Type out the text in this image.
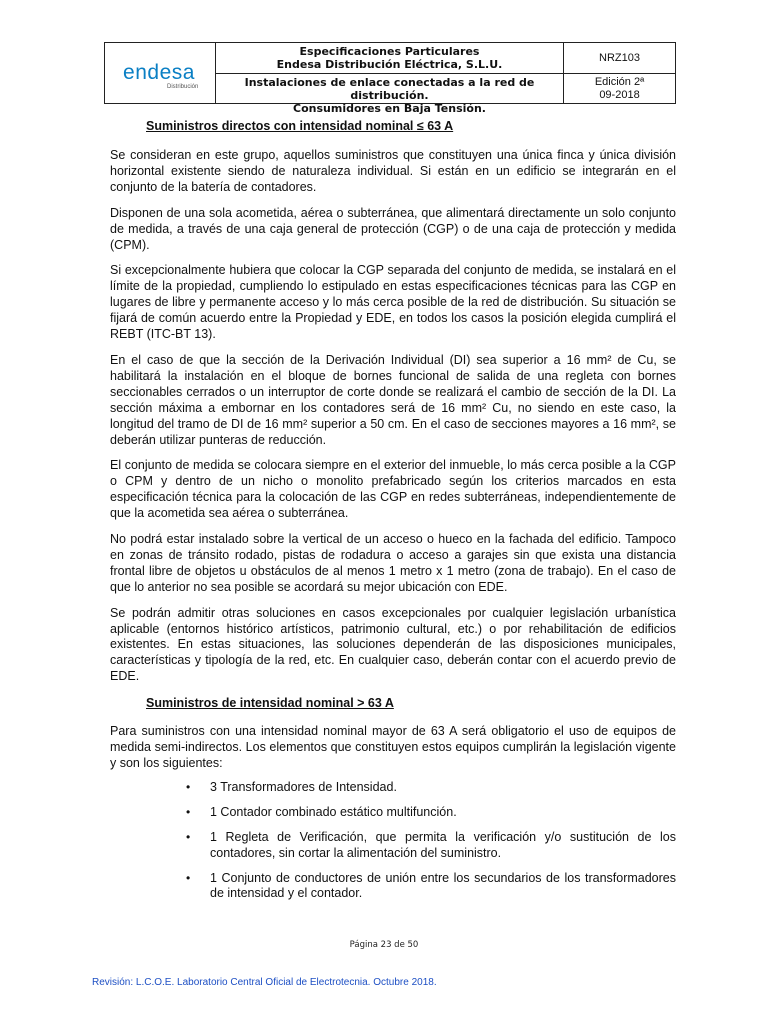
endesa
Distribución
Especificaciones Particulares
Endesa Distribución Eléctrica, S.L.U.
Instalaciones de enlace conectadas a la red de distribución.
Consumidores en Baja Tensión.
NRZ103
Edición 2ª
09-2018
Suministros directos con intensidad nominal ≤ 63 A

Se consideran en este grupo, aquellos suministros que constituyen una única finca y única división horizontal existente siendo de naturaleza individual. Si están en un edificio se integrarán en el conjunto de la batería de contadores.

Disponen de una sola acometida, aérea o subterránea, que alimentará directamente un solo conjunto de medida, a través de una caja general de protección (CGP) o de una caja de protección y medida (CPM).

Si excepcionalmente hubiera que colocar la CGP separada del conjunto de medida, se instalará en el límite de la propiedad, cumpliendo lo estipulado en estas especificaciones técnicas para las CGP en lugares de libre y permanente acceso y lo más cerca posible de la red de distribución. Su situación se fijará de común acuerdo entre la Propiedad y EDE, en todos los casos la posición elegida cumplirá el REBT (ITC-BT 13).

En el caso de que la sección de la Derivación Individual (DI) sea superior a 16 mm² de Cu, se habilitará la instalación en el bloque de bornes funcional de salida de una regleta con bornes seccionables cerrados o un interruptor de corte donde se realizará el cambio de sección de la DI. La sección máxima a embornar en los contadores será de 16 mm² Cu, no siendo en este caso, la longitud del tramo de DI de 16 mm² superior a 50 cm. En el caso de secciones mayores a 16 mm², se deberán utilizar punteras de reducción.

El conjunto de medida se colocara siempre en el exterior del inmueble, lo más cerca posible a la CGP o CPM y dentro de un nicho o monolito prefabricado según los criterios marcados en esta especificación técnica para la colocación de las CGP en redes subterráneas, independientemente de que la acometida sea aérea o subterránea.

No podrá estar instalado sobre la vertical de un acceso o hueco en la fachada del edificio. Tampoco en zonas de tránsito rodado, pistas de rodadura o acceso a garajes sin que exista una distancia frontal libre de objetos u obstáculos de al menos 1 metro x 1 metro (zona de trabajo). En el caso de que lo anterior no sea posible se acordará su mejor ubicación con EDE.

Se podrán admitir otras soluciones en casos excepcionales por cualquier legislación urbanística aplicable (entornos histórico artísticos, patrimonio cultural, etc.) o por rehabilitación de edificios existentes. En estas situaciones, las soluciones dependerán de las disposiciones municipales, características y tipología de la red, etc. En cualquier caso, deberán contar con el acuerdo previo de EDE.

Suministros de intensidad nominal > 63 A

Para suministros con una intensidad nominal mayor de 63 A será obligatorio el uso de equipos de medida semi-indirectos. Los elementos que constituyen estos equipos cumplirán la legislación vigente y son los siguientes:

• 3 Transformadores de Intensidad.
• 1 Contador combinado estático multifunción.
• 1 Regleta de Verificación, que permita la verificación y/o sustitución de los contadores, sin cortar la alimentación del suministro.
• 1 Conjunto de conductores de unión entre los secundarios de los transformadores de intensidad y el contador.
Página 23 de 50
Revisión: L.C.O.E. Laboratorio Central Oficial de Electrotecnia. Octubre 2018.
